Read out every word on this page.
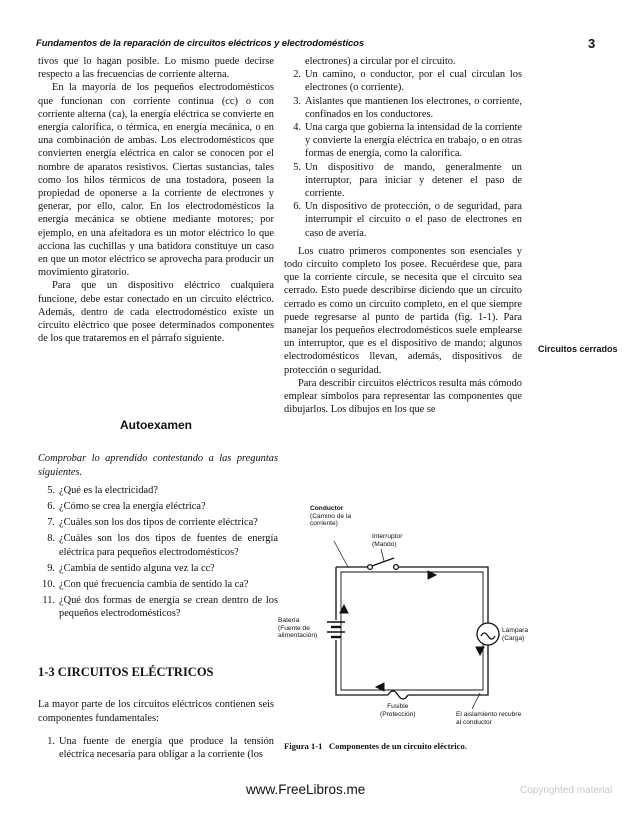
Fundamentos de la reparación de circuitos eléctricos y electrodomésticos	3

tivos que lo hagan posible. Lo mismo puede decirse respecto a las frecuencias de corriente alterna.

En la mayoría de los pequeños electrodomésticos que funcionan con corriente continua (cc) o con corriente alterna (ca), la energía eléctrica se convierte en energía calorífica, o térmica, en energía mecánica, o en una combinación de ambas. Los electrodomésticos que convierten energía eléctrica en calor se conocen por el nombre de aparatos resistivos. Ciertas sustancias, tales como los hilos térmicos de una tostadora, poseen la propiedad de oponerse a la corriente de electrones y generar, por ello, calor. En los electrodomésticos la energía mecánica se obtiene mediante motores; por ejemplo, en una afeitadora es un motor eléctrico lo que acciona las cuchillas y una batidora constituye un caso en que un motor eléctrico se aprovecha para producir un movimiento giratorio.

Para que un dispositivo eléctrico cualquiera funcione, debe estar conectado en un circuito eléctrico. Además, dentro de cada electrodoméstico existe un circuito eléctrico que posee determinados componentes de los que trataremos en el párrafo siguiente.

Autoexamen

Comprobar lo aprendido contestando a las preguntas siguientes.

5. ¿Qué es la electricidad?
6. ¿Cómo se crea la energía eléctrica?
7. ¿Cuáles son los dos tipos de corriente eléctrica?
8. ¿Cuáles son los dos tipos de fuentes de energía eléctrica para pequeños electrodomésticos?
9. ¿Cambia de sentido alguna vez la cc?
10. ¿Con qué frecuencia cambia de sentido la ca?
11. ¿Qué dos formas de energía se crean dentro de los pequeños electrodomésticos?
1-3 CIRCUITOS ELÉCTRICOS

La mayor parte de los circuitos eléctricos contienen seis componentes fundamentales:

1. Una fuente de energía que produce la tensión eléctrica necesaria para obligar a la corriente (los

electrones) a circular por el circuito.

2. Un camino, o conductor, por el cual circulan los electrones (o corriente).
3. Aislantes que mantienen los electrones, o corriente, confinados en los conductores.
4. Una carga que gobierna la intensidad de la corriente y convierte la energía eléctrica en trabajo, o en otras formas de energía, como la calorífica.
5. Un dispositivo de mando, generalmente un interruptor, para iniciar y detener el paso de corriente.
6. Un dispositivo de protección, o de seguridad, para interrumpir el circuito o el paso de electrones en caso de avería.

Los cuatro primeros componentes son esenciales y todo circuito completo los posee. Recuérdese que, para que la corriente circule, se necesita que el circuito sea cerrado. Esto puede describirse diciendo que un circuito cerrado es como un circuito completo, en el que siempre puede regresarse al punto de partida (fig. 1-1). Para manejar los pequeños electrodomésticos suele emplearse un interruptor, que es el dispositivo de mando; algunos electrodomésticos llevan, además, dispositivos de protección o seguridad.

Para describir circuitos eléctricos resulta más cómodo emplear símbolos para representar las componentes que dibujarlos. Los dibujos en los que se

Circuitos cerrados
Conductor
(Camino de la corriente)
Interruptor
(Mando)
Batería
(Fuente de alimentación)
Lámpara
(Carga)
Fusible
(Protección)	El aislamiento recubre al conductor
Figura 1-1 Componentes de un circuito eléctrico.
www.FreeLibros.me	Copyrighted material
